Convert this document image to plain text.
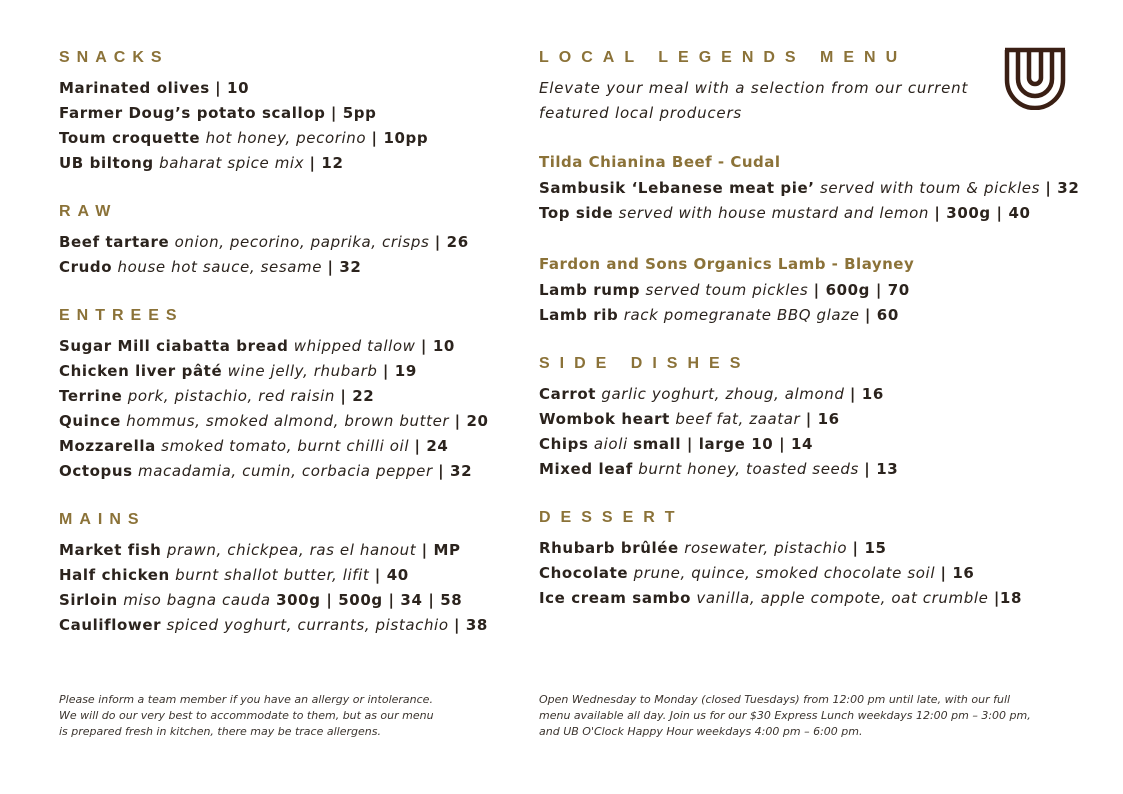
SNACKS
Marinated olives | 10
Farmer Doug’s potato scallop | 5pp
Toum croquette hot honey, pecorino | 10pp
UB biltong baharat spice mix | 12
RAW
Beef tartare onion, pecorino, paprika, crisps | 26
Crudo house hot sauce, sesame | 32
ENTREES
Sugar Mill ciabatta bread whipped tallow | 10
Chicken liver pâté wine jelly, rhubarb | 19
Terrine pork, pistachio, red raisin | 22
Quince hommus, smoked almond, brown butter | 20
Mozzarella smoked tomato, burnt chilli oil | 24
Octopus macadamia, cumin, corbacia pepper | 32
MAINS
Market fish prawn, chickpea, ras el hanout | MP
Half chicken burnt shallot butter, lifit | 40
Sirloin miso bagna cauda 300g | 500g | 34 | 58
Cauliflower spiced yoghurt, currants, pistachio | 38
LOCAL LEGENDS MENU
Elevate your meal with a selection from our current featured local producers
Tilda Chianina Beef - Cudal
Sambusik ‘Lebanese meat pie’ served with toum & pickles | 32
Top side served with house mustard and lemon | 300g | 40
Fardon and Sons Organics Lamb - Blayney
Lamb rump served toum pickles | 600g | 70
Lamb rib rack pomegranate BBQ glaze | 60
SIDE DISHES
Carrot garlic yoghurt, zhoug, almond | 16
Wombok heart beef fat, zaatar | 16
Chips aioli small | large 10 | 14
Mixed leaf burnt honey, toasted seeds | 13
DESSERT
Rhubarb brûlée rosewater, pistachio | 15
Chocolate prune, quince, smoked chocolate soil | 16
Ice cream sambo vanilla, apple compote, oat crumble |18
Please inform a team member if you have an allergy or intolerance. We will do our very best to accommodate to them, but as our menu is prepared fresh in kitchen, there may be trace allergens.
Open Wednesday to Monday (closed Tuesdays) from 12:00 pm until late, with our full menu available all day. Join us for our $30 Express Lunch weekdays 12:00 pm – 3:00 pm, and UB O'Clock Happy Hour weekdays 4:00 pm – 6:00 pm.
